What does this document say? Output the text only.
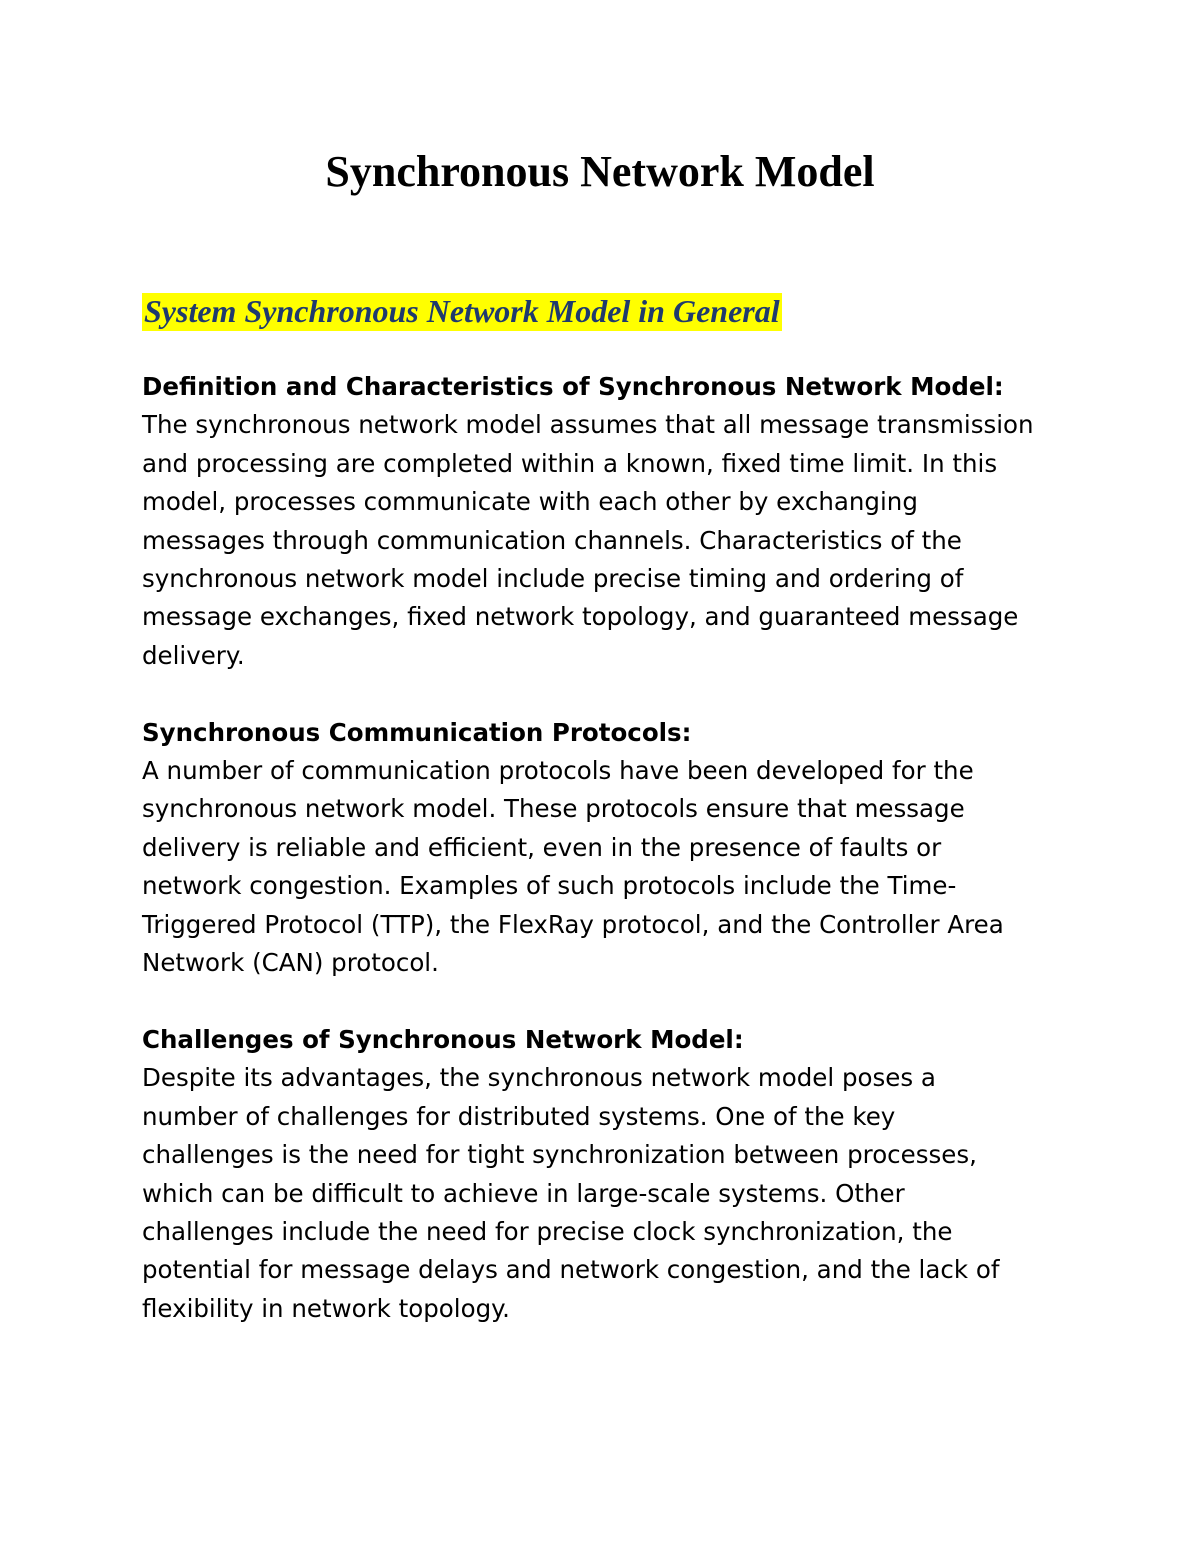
Synchronous Network Model
System Synchronous Network Model in General
Definition and Characteristics of Synchronous Network Model:
The synchronous network model assumes that all message transmission
and processing are completed within a known, fixed time limit. In this
model, processes communicate with each other by exchanging
messages through communication channels. Characteristics of the
synchronous network model include precise timing and ordering of
message exchanges, fixed network topology, and guaranteed message
delivery.
Synchronous Communication Protocols:
A number of communication protocols have been developed for the
synchronous network model. These protocols ensure that message
delivery is reliable and efficient, even in the presence of faults or
network congestion. Examples of such protocols include the Time-
Triggered Protocol (TTP), the FlexRay protocol, and the Controller Area
Network (CAN) protocol.
Challenges of Synchronous Network Model:
Despite its advantages, the synchronous network model poses a
number of challenges for distributed systems. One of the key
challenges is the need for tight synchronization between processes,
which can be difficult to achieve in large-scale systems. Other
challenges include the need for precise clock synchronization, the
potential for message delays and network congestion, and the lack of
flexibility in network topology.
